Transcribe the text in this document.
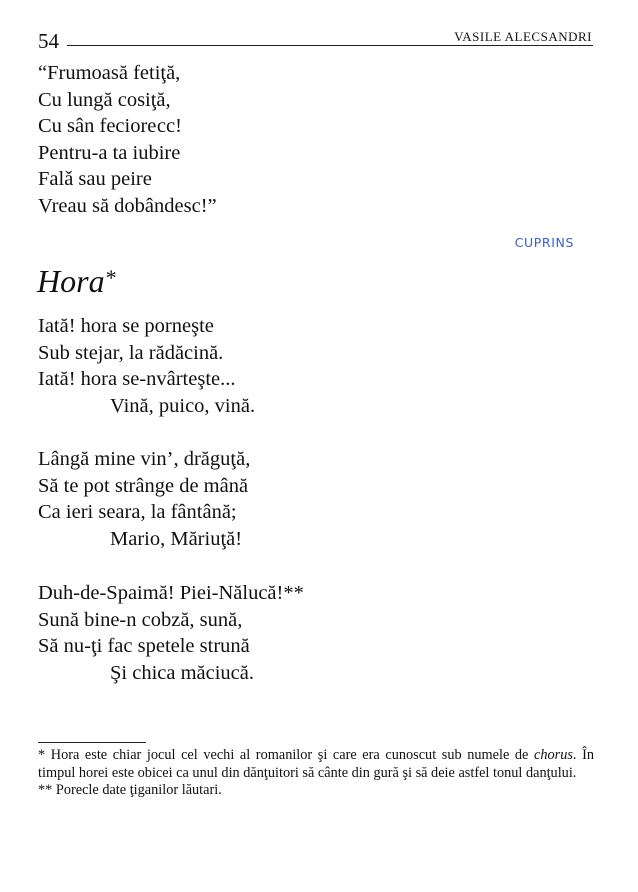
54	VASILE ALECSANDRI
“Frumoasă fetiţă,
Cu lungă cosiţă,
Cu sân feciorесc!
Pentru-a ta iubire
Falǎ sau peire
Vreau să dobândesc!”
CUPRINS
Hora*
Iată! hora se porneşte
Sub stejar, la rădăcină.
Iată! hora se-nvârteşte...
Vină, puico, vină.
Lângă mine vin’, drăguţă,
Să te pot strânge de mână
Ca ieri seara, la fântână;
Mario, Măriuţă!
Duh-de-Spaimă! Piei-Nălucă!**
Sună bine-n cobză, sună,
Să nu-ţi fac spetele strună
Şi chica măciucă.

* Hora este chiar jocul cel vechi al romanilor şi care era cunoscut sub numele de chorus. În timpul horei este obicei ca unul din dănţuitori să cânte din gură şi să deie astfel tonul danţului.

** Porecle date ţiganilor lăutari.
